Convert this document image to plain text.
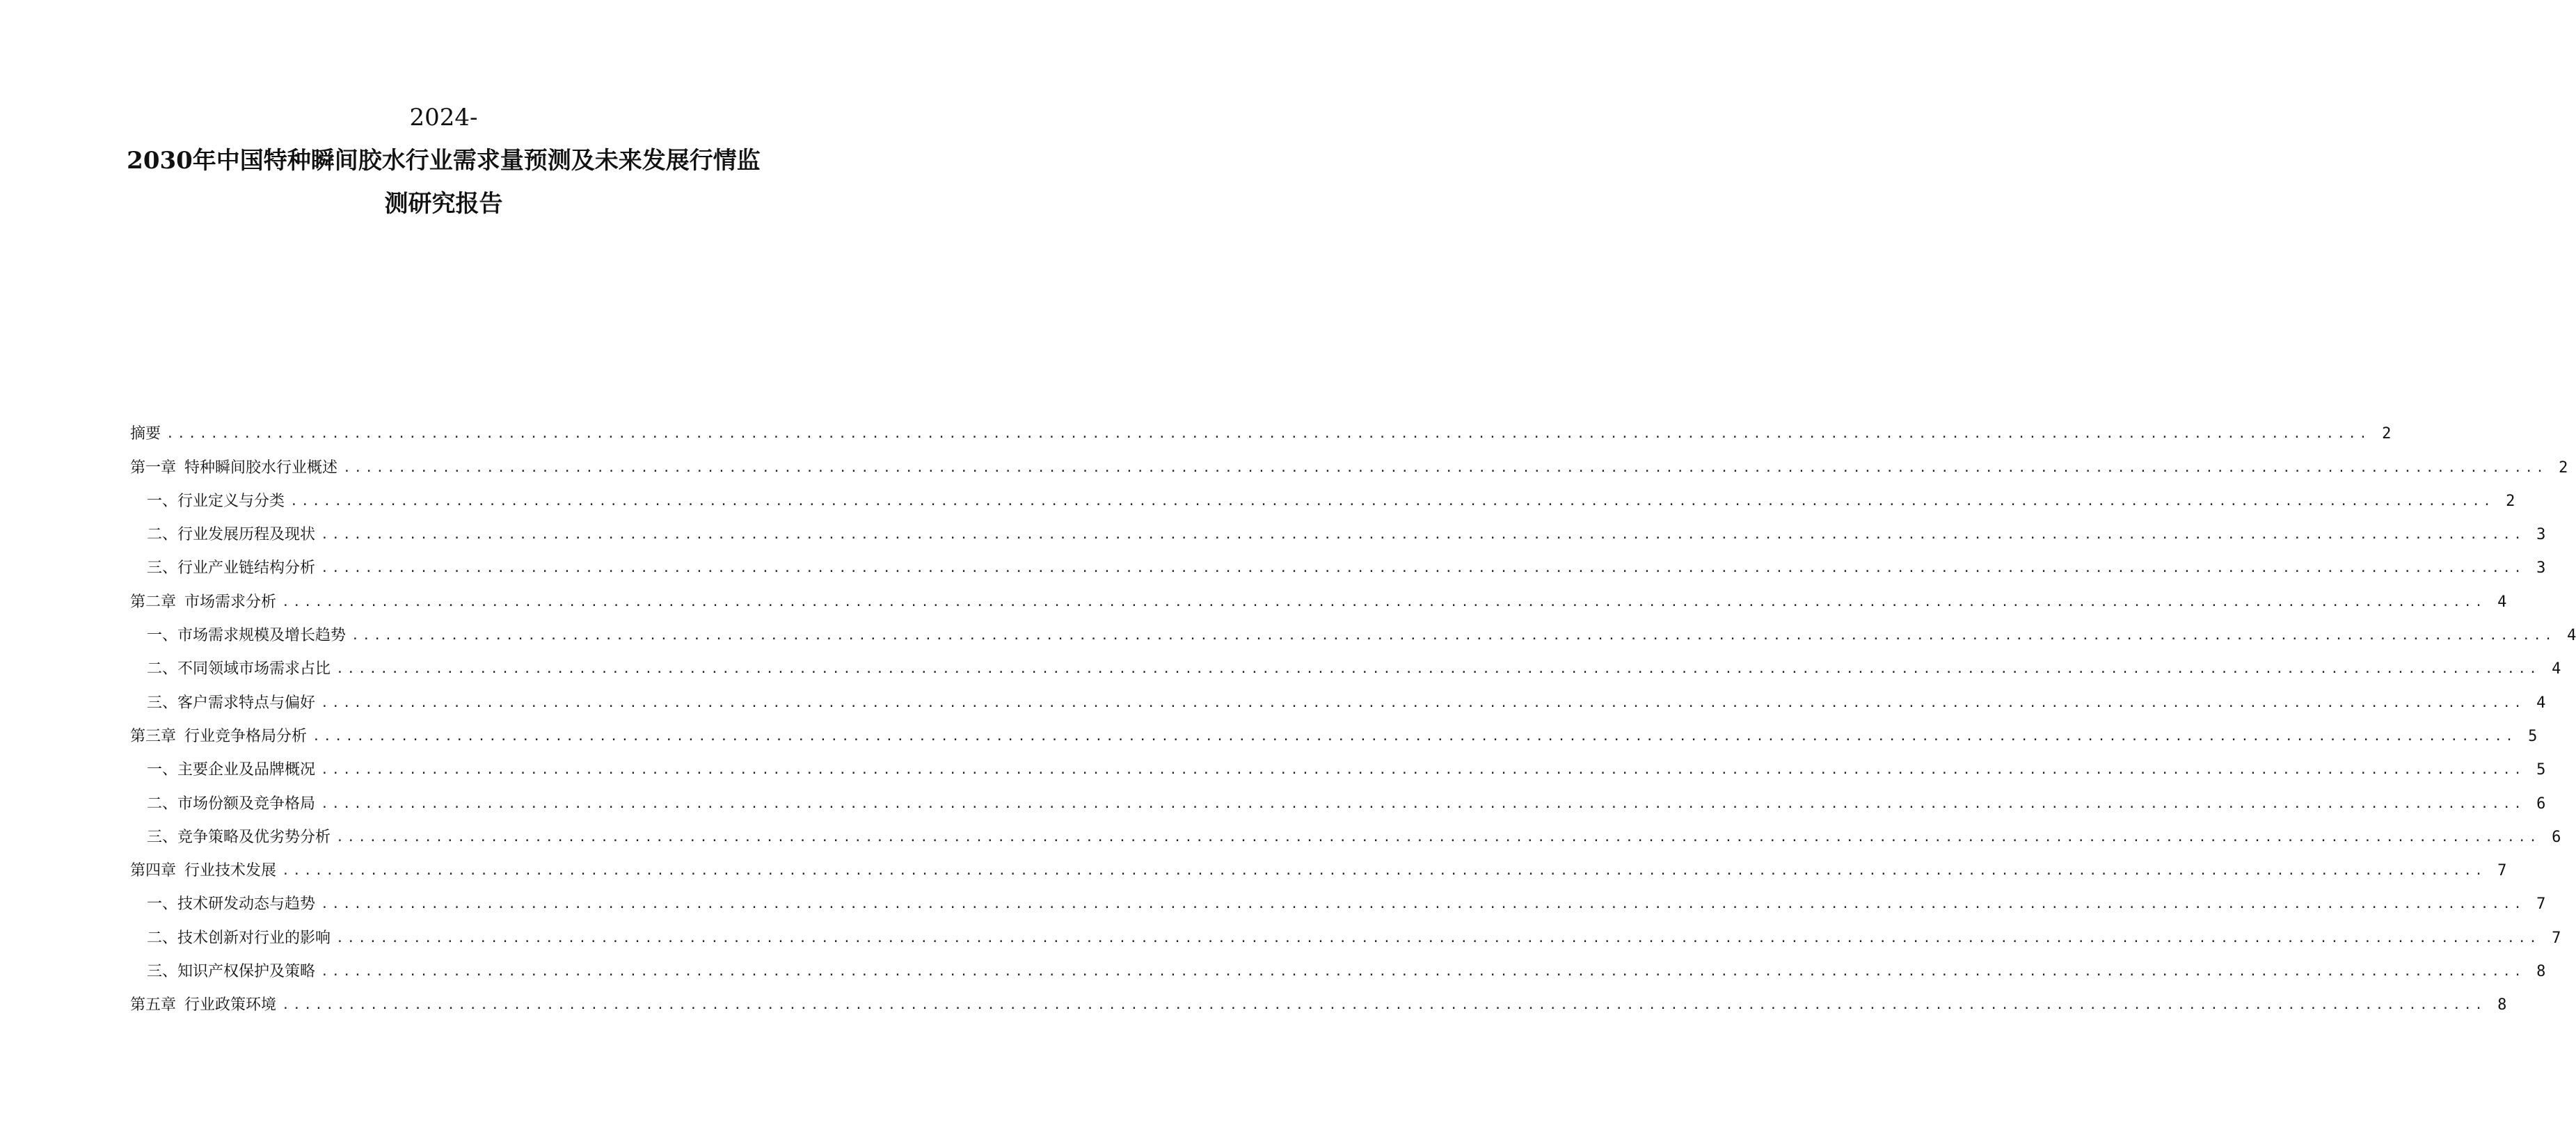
2024-
2030年中国特种瞬间胶水行业需求量预测及未来发展行情监
测研究报告
摘要 ........................................................................................................................................................................................................ 2
第一章 特种瞬间胶水行业概述 ........................................................................................................................................................................................................ 2
一、 行业定义与分类 ........................................................................................................................................................................................................ 2
二、 行业发展历程及现状 ........................................................................................................................................................................................................ 3
三、 行业产业链结构分析 ........................................................................................................................................................................................................ 3
第二章 市场需求分析 ........................................................................................................................................................................................................ 4
一、 市场需求规模及增长趋势 ........................................................................................................................................................................................................ 4
二、 不同领域市场需求占比 ........................................................................................................................................................................................................ 4
三、 客户需求特点与偏好 ........................................................................................................................................................................................................ 4
第三章 行业竞争格局分析 ........................................................................................................................................................................................................ 5
一、 主要企业及品牌概况 ........................................................................................................................................................................................................ 5
二、 市场份额及竞争格局 ........................................................................................................................................................................................................ 6
三、 竞争策略及优劣势分析 ........................................................................................................................................................................................................ 6
第四章 行业技术发展 ........................................................................................................................................................................................................ 7
一、 技术研发动态与趋势 ........................................................................................................................................................................................................ 7
二、 技术创新对行业的影响 ........................................................................................................................................................................................................ 7
三、 知识产权保护及策略 ........................................................................................................................................................................................................ 8
第五章 行业政策环境 ........................................................................................................................................................................................................ 8
